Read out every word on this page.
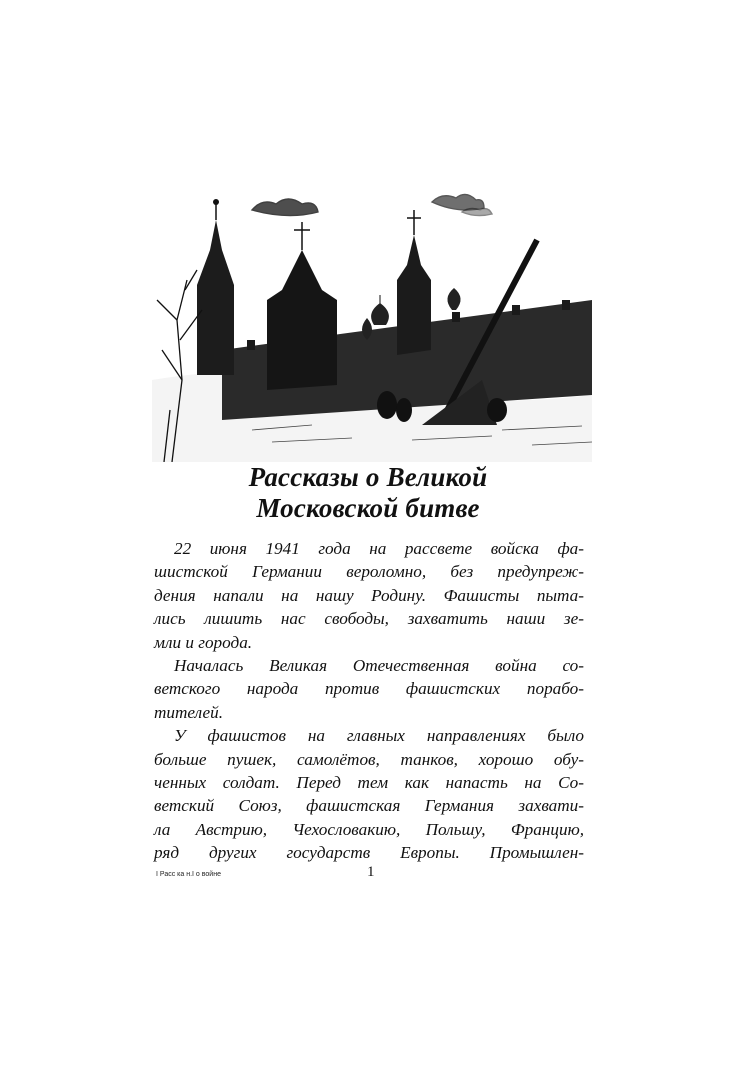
Рассказы о Великой
Московской битве
22 июня 1941 года на рассвете войска фа-
шистской Германии вероломно, без предупреж-
дения напали на нашу Родину. Фашисты пыта-
лись лишить нас свободы, захватить наши зе-
мли и города.
Началась Великая Отечественная война со-
ветского народа против фашистских порабо-
тителей.
У фашистов на главных направлениях было
больше пушек, самолётов, танков, хорошо обу-
ченных солдат. Перед тем как напасть на Со-
ветский Союз, фашистская Германия захвати-
ла Австрию, Чехословакию, Польшу, Францию,
ряд других государств Европы. Промышлен-
I Расс ка н.I о войне	1
